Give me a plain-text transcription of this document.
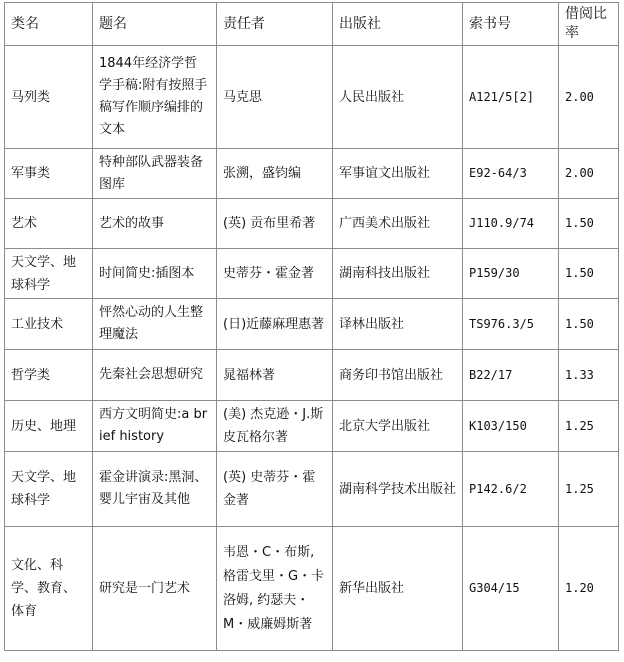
类名	题名	责任者	出版社	索书号	借阅比率
马列类	1844年经济学哲学手稿:附有按照手稿写作顺序编排的文本	马克思	人民出版社	A121/5[2]	2.00
军事类	特种部队武器装备图库	张溯，盛钧编	军事谊文出版社	E92-64/3	2.00
艺术	艺术的故事	(英) 贡布里希著	广西美术出版社	J110.9/74	1.50
天文学、地球科学	时间简史:插图本	史蒂芬・霍金著	湖南科技出版社	P159/30	1.50
工业技术	怦然心动的人生整理魔法	(日)近藤麻理惠著	译林出版社	TS976.3/5	1.50
哲学类	先秦社会思想研究	晁福林著	商务印书馆出版社	B22/17	1.33
历史、地理	西方文明简史:a brief history	(美) 杰克逊・J.斯皮瓦格尔著	北京大学出版社	K103/150	1.25
天文学、地球科学	霍金讲演录:黑洞、婴儿宇宙及其他	(英) 史蒂芬・霍金著	湖南科学技术出版社	P142.6/2	1.25
文化、科学、教育、体育	研究是一门艺术	韦恩・C・布斯, 格雷戈里・G・卡洛姆, 约瑟夫・M・威廉姆斯著	新华出版社	G304/15	1.20
